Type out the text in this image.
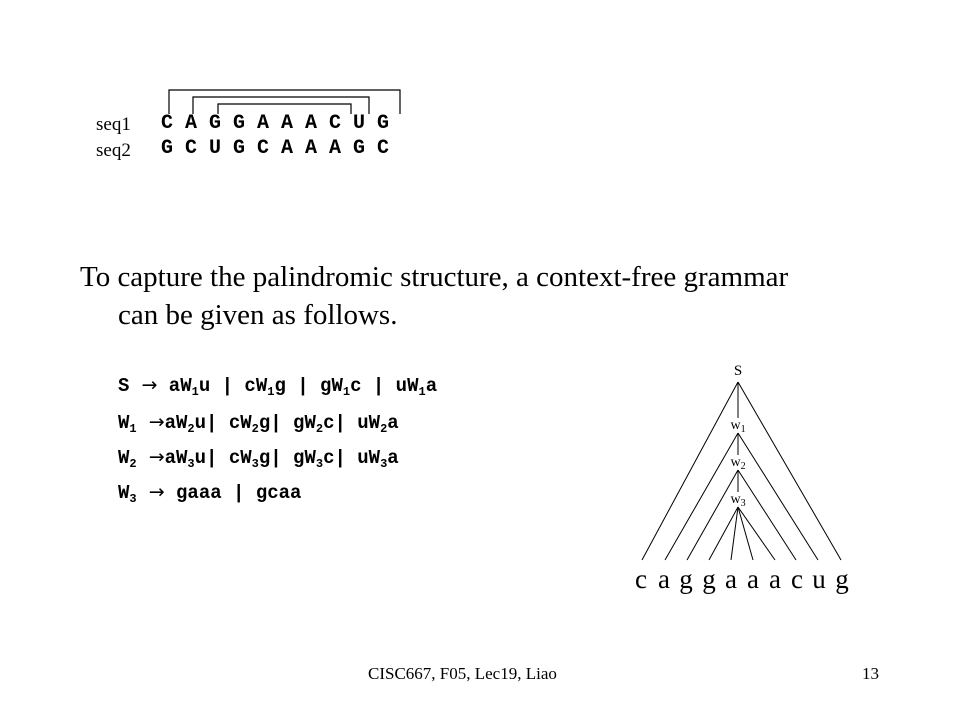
seq1
seq2
C A G G A A A C U G
G C U G C A A A G C
To capture the palindromic structure, a context-free grammar
can be given as follows.
$S \to aW_1u$ | $cW_1g$ | $gW_1c$ | $uW_1a$
$W_1 \to aW_2u|$ $cW_2g|$ $gW_2c|$ $uW_2a$
$W_2 \to aW_3u|$ $cW_3g|$ $gW_3c|$ $uW_3a$
$W_3$  → gaaa | gcaa
S
$w_1$
$w_2$
$w_3$
c a g g a a a c u g
CISC667, F05, Lec19, Liao	13
